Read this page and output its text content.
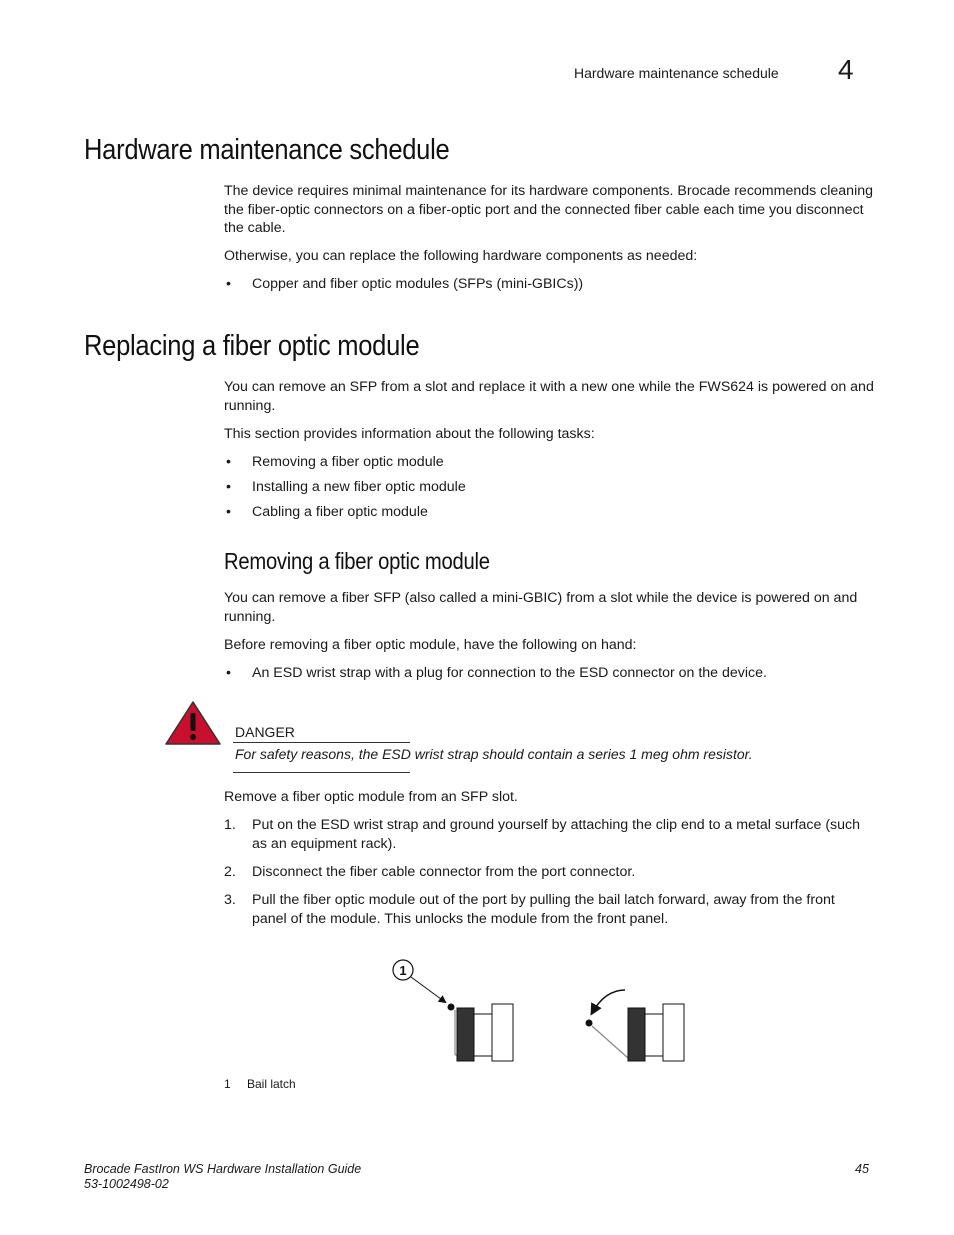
Hardware maintenance schedule 4
Hardware maintenance schedule

The device requires minimal maintenance for its hardware components. Brocade recommends cleaning the fiber-optic connectors on a fiber-optic port and the connected fiber cable each time you disconnect the cable.

Otherwise, you can replace the following hardware components as needed:

• Copper and fiber optic modules (SFPs (mini-GBICs))
Replacing a fiber optic module

You can remove an SFP from a slot and replace it with a new one while the FWS624 is powered on and running.

This section provides information about the following tasks:

• Removing a fiber optic module
• Installing a new fiber optic module
• Cabling a fiber optic module
Removing a fiber optic module

You can remove a fiber SFP (also called a mini-GBIC) from a slot while the device is powered on and running.

Before removing a fiber optic module, have the following on hand:

• An ESD wrist strap with a plug for connection to the ESD connector on the device.
DANGER
For safety reasons, the ESD wrist strap should contain a series 1 meg ohm resistor.

Remove a fiber optic module from an SFP slot.

1. Put on the ESD wrist strap and ground yourself by attaching the clip end to a metal surface (such as an equipment rack).
2. Disconnect the fiber cable connector from the port connector.
3. Pull the fiber optic module out of the port by pulling the bail latch forward, away from the front panel of the module. This unlocks the module from the front panel.
1
1 Bail latch
Brocade FastIron WS Hardware Installation Guide
53-1002498-02
45
